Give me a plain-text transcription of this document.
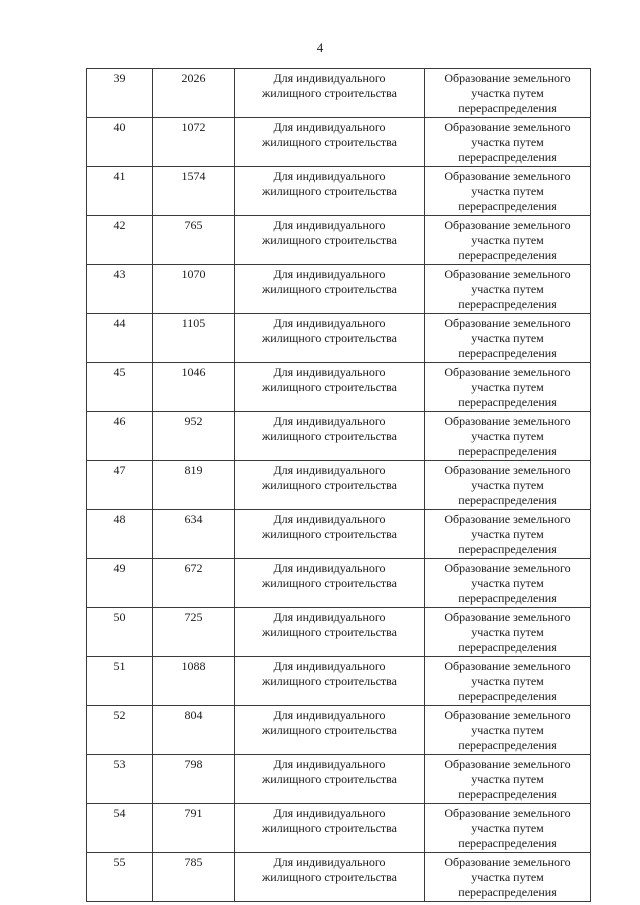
4
39	2026	Для индивидуального
жилищного строительства	Образование земельного
участка путем
перераспределения

40	1072	Для индивидуального
жилищного строительства	Образование земельного
участка путем
перераспределения

41	1574	Для индивидуального
жилищного строительства	Образование земельного
участка путем
перераспределения

42	765	Для индивидуального
жилищного строительства	Образование земельного
участка путем
перераспределения

43	1070	Для индивидуального
жилищного строительства	Образование земельного
участка путем
перераспределения

44	1105	Для индивидуального
жилищного строительства	Образование земельного
участка путем
перераспределения

45	1046	Для индивидуального
жилищного строительства	Образование земельного
участка путем
перераспределения

46	952	Для индивидуального
жилищного строительства	Образование земельного
участка путем
перераспределения

47	819	Для индивидуального
жилищного строительства	Образование земельного
участка путем
перераспределения

48	634	Для индивидуального
жилищного строительства	Образование земельного
участка путем
перераспределения

49	672	Для индивидуального
жилищного строительства	Образование земельного
участка путем
перераспределения

50	725	Для индивидуального
жилищного строительства	Образование земельного
участка путем
перераспределения

51	1088	Для индивидуального
жилищного строительства	Образование земельного
участка путем
перераспределения

52	804	Для индивидуального
жилищного строительства	Образование земельного
участка путем
перераспределения

53	798	Для индивидуального
жилищного строительства	Образование земельного
участка путем
перераспределения

54	791	Для индивидуального
жилищного строительства	Образование земельного
участка путем
перераспределения

55	785	Для индивидуального
жилищного строительства	Образование земельного
участка путем
перераспределения
